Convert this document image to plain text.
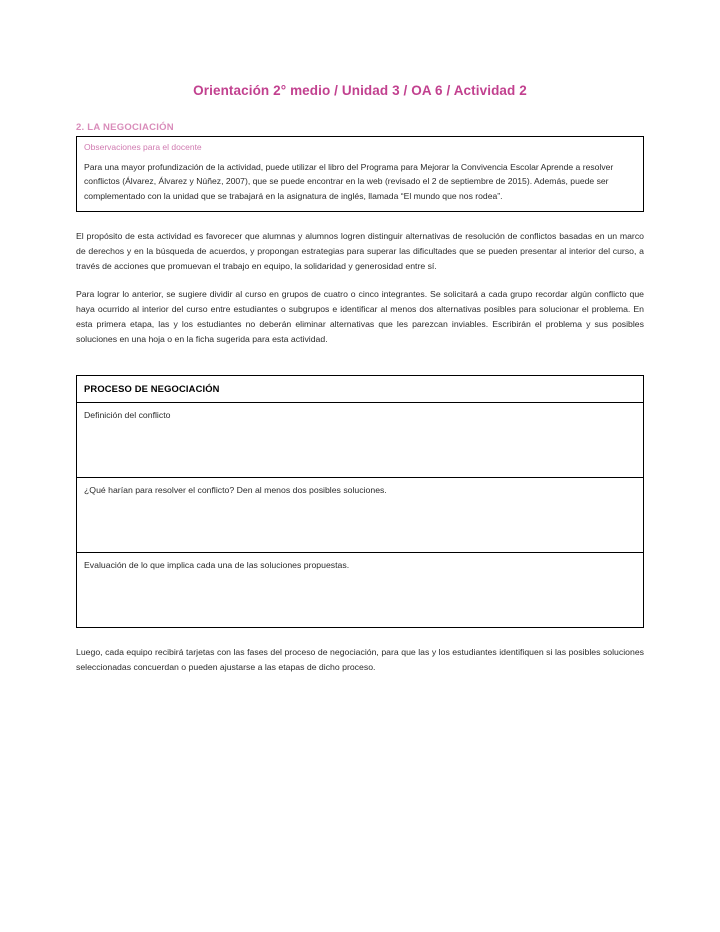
Orientación 2° medio / Unidad 3 / OA 6 / Actividad 2
2. LA NEGOCIACIÓN
Observaciones para el docente
Para una mayor profundización de la actividad, puede utilizar el libro del Programa para Mejorar la Convivencia Escolar Aprende a resolver conflictos (Álvarez, Álvarez y Núñez, 2007), que se puede encontrar en la web (revisado el 2 de septiembre de 2015). Además, puede ser complementado con la unidad que se trabajará en la asignatura de inglés, llamada “El mundo que nos rodea”.

El propósito de esta actividad es favorecer que alumnas y alumnos logren distinguir alternativas de resolución de conflictos basadas en un marco de derechos y en la búsqueda de acuerdos, y propongan estrategias para superar las dificultades que se pueden presentar al interior del curso, a través de acciones que promuevan el trabajo en equipo, la solidaridad y generosidad entre sí.

Para lograr lo anterior, se sugiere dividir al curso en grupos de cuatro o cinco integrantes. Se solicitará a cada grupo recordar algún conflicto que haya ocurrido al interior del curso entre estudiantes o subgrupos e identificar al menos dos alternativas posibles para solucionar el problema. En esta primera etapa, las y los estudiantes no deberán eliminar alternativas que les parezcan inviables. Escribirán el problema y sus posibles soluciones en una hoja o en la ficha sugerida para esta actividad.

PROCESO DE NEGOCIACIÓN
Definición del conflicto
¿Qué harían para resolver el conflicto? Den al menos dos posibles soluciones.
Evaluación de lo que implica cada una de las soluciones propuestas.

Luego, cada equipo recibirá tarjetas con las fases del proceso de negociación, para que las y los estudiantes identifiquen si las posibles soluciones seleccionadas concuerdan o pueden ajustarse a las etapas de dicho proceso.
